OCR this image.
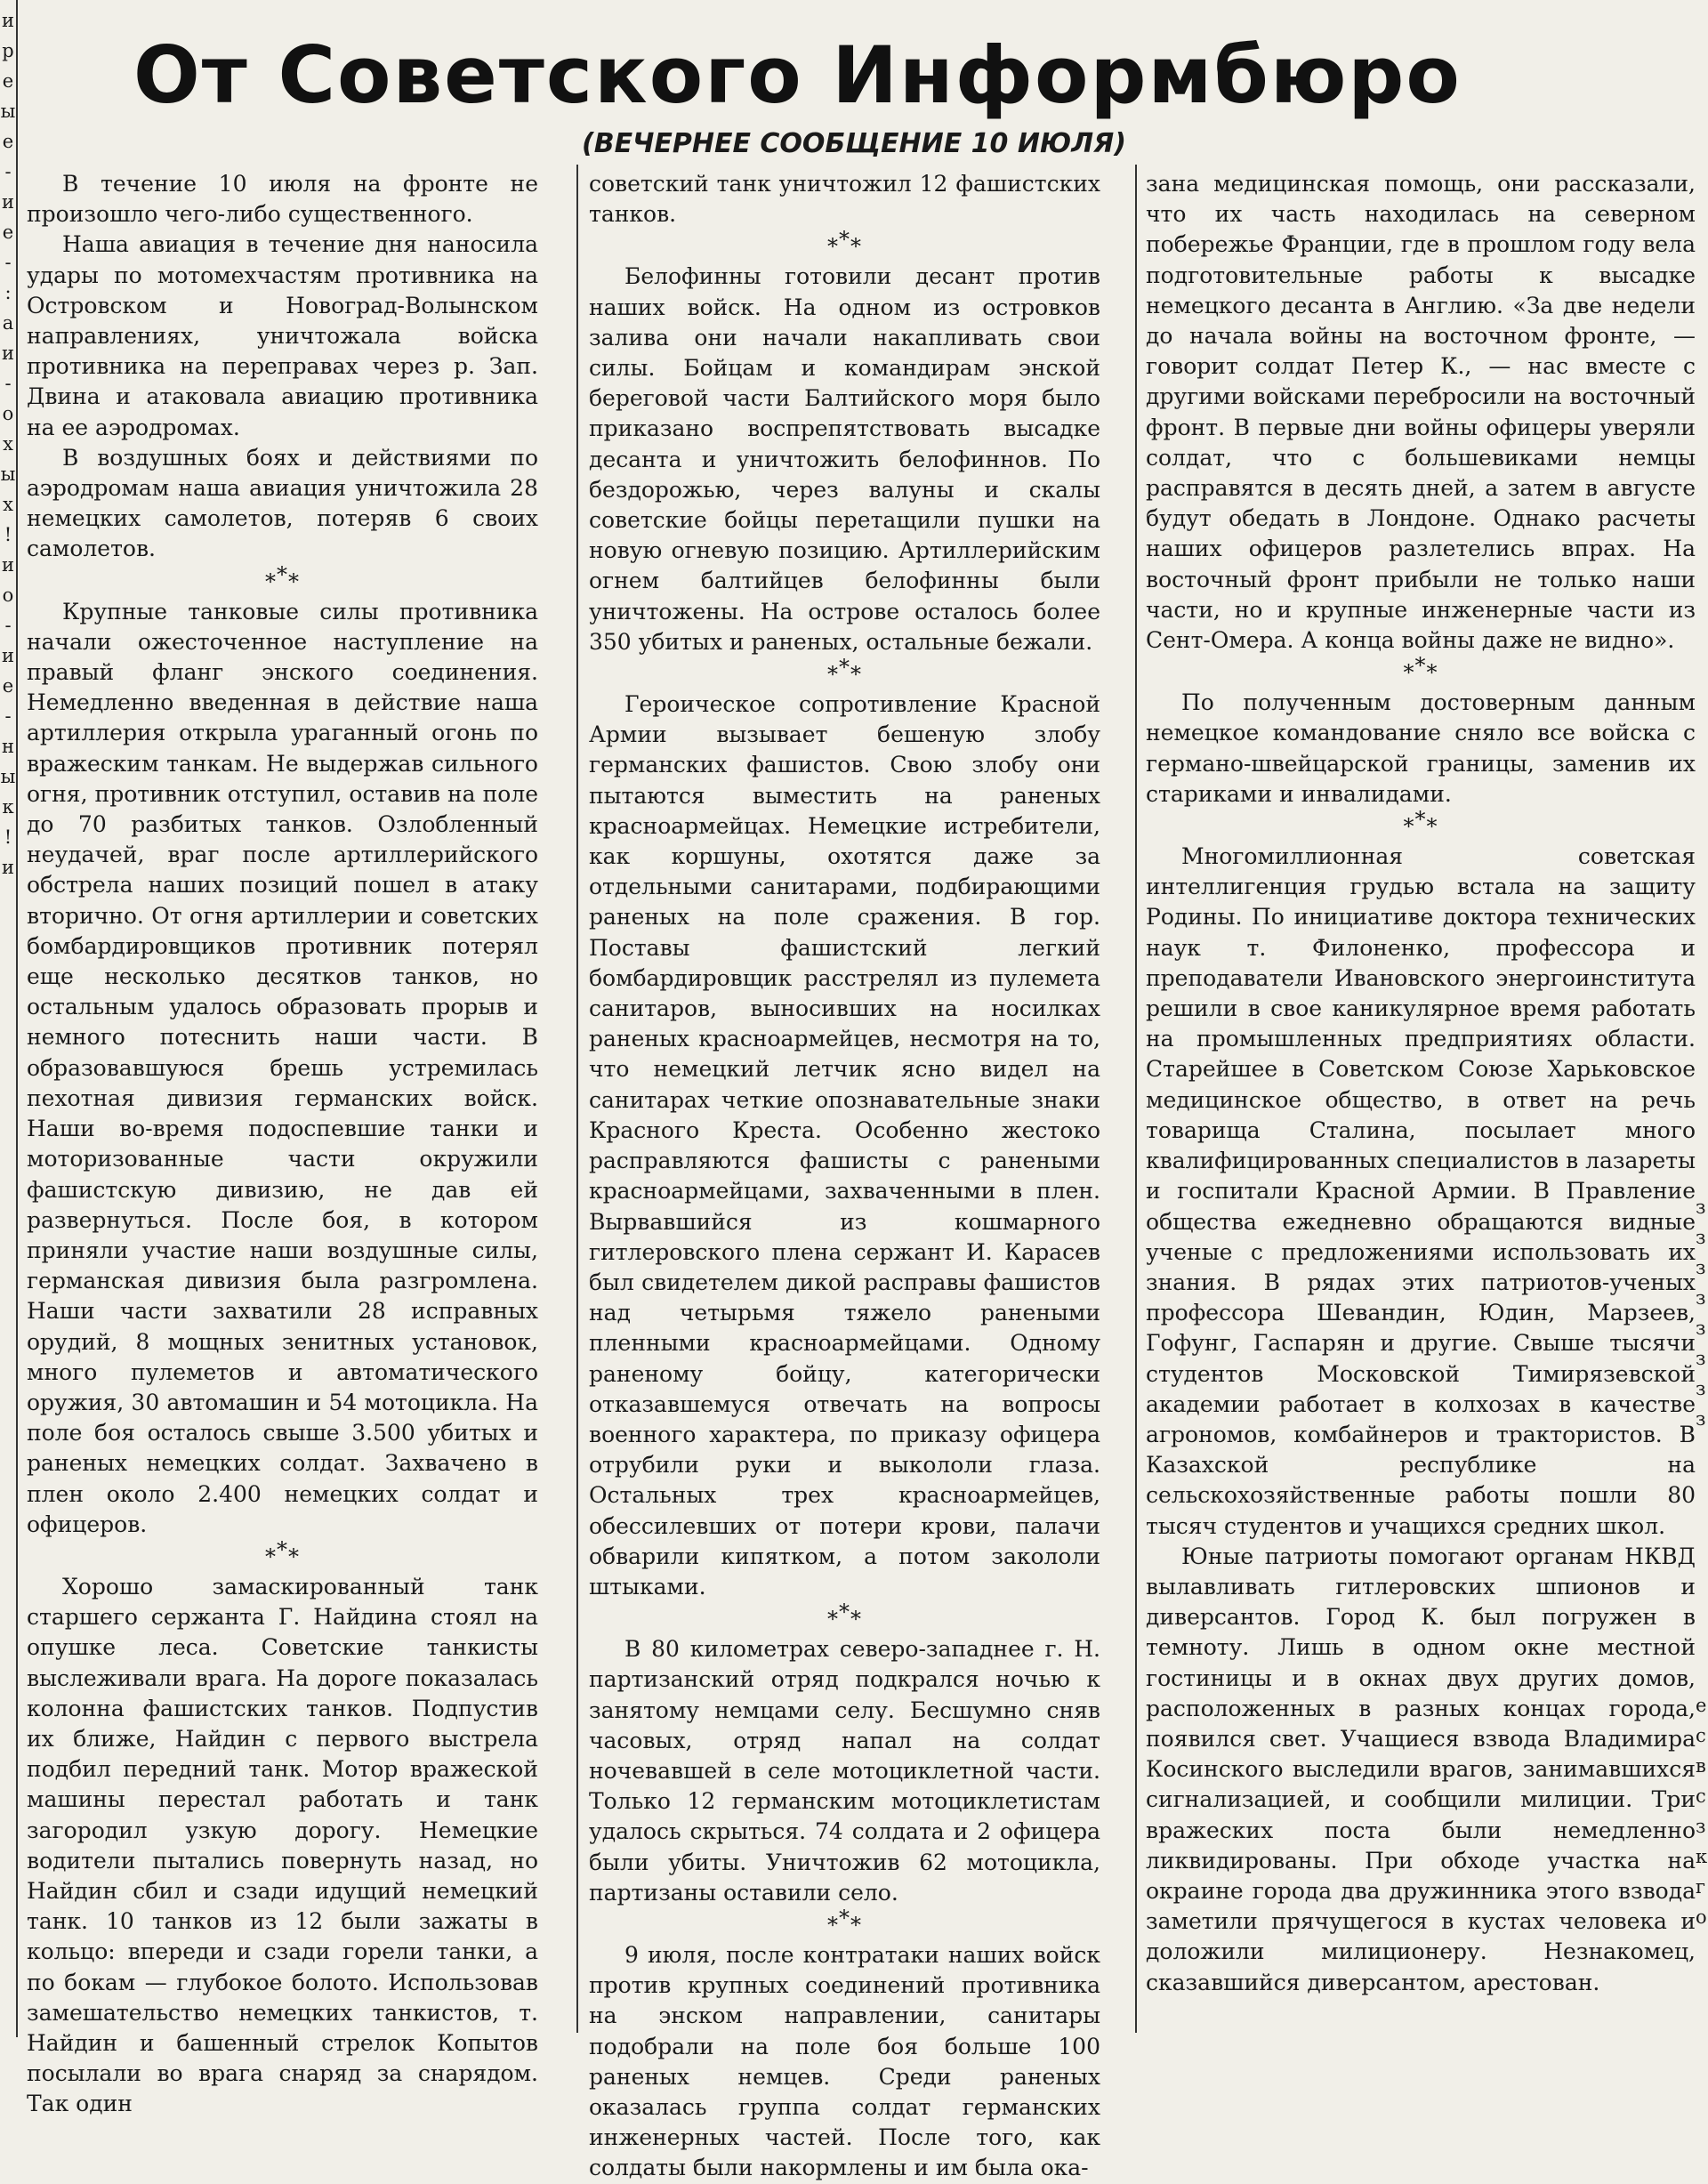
и
р
е
ы
е
-
и
е
-
:
а
и
-
о
х
ы
х
!
и
о
-
и
е
-
н
ы
к
!
и
з
з
з
з
з
з
з
з
е
с
в
с
з
к
г
о
От Советского Информбюро
(ВЕЧЕРНЕЕ СООБЩЕНИЕ 10 ИЮЛЯ)

В течение 10 июля на фронте не произошло чего-либо существенного.

Наша авиация в течение дня наносила удары по мотомехчастям противника на Островском и Новоград-Волынском направлениях, уничтожала войска противника на переправах через р. Зап. Двина и атаковала авиацию противника на ее аэродромах.

В воздушных боях и действиями по аэродромам наша авиация уничтожила 28 немецких самолетов, потеряв 6 своих самолетов.

***

Крупные танковые силы противника начали ожесточенное наступление на правый фланг энского соединения. Немедленно введенная в действие наша артиллерия открыла ураганный огонь по вражеским танкам. Не выдержав сильного огня, противник отступил, оставив на поле до 70 разбитых танков. Озлобленный неудачей, враг после артиллерийского обстрела наших позиций пошел в атаку вторично. От огня артиллерии и советских бомбардировщиков противник потерял еще несколько десятков танков, но остальным удалось образовать прорыв и немного потеснить наши части. В образовавшуюся брешь устремилась пехотная дивизия германских войск. Наши во-время подоспевшие танки и моторизованные части окружили фашистскую дивизию, не дав ей развернуться. После боя, в котором приняли участие наши воздушные силы, германская дивизия была разгромлена. Наши части захватили 28 исправных орудий, 8 мощных зенитных установок, много пулеметов и автоматического оружия, 30 автомашин и 54 мотоцикла. На поле боя осталось свыше 3.500 убитых и раненых немецких солдат. Захвачено в плен около 2.400 немецких солдат и офицеров.

***

Хорошо замаскированный танк старшего сержанта Г. Найдина стоял на опушке леса. Советские танкисты выслеживали врага. На дороге показалась колонна фашистских танков. Подпустив их ближе, Найдин с первого выстрела подбил передний танк. Мотор вражеской машины перестал работать и танк загородил узкую дорогу. Немецкие водители пытались повернуть назад, но Найдин сбил и сзади идущий немецкий танк. 10 танков из 12 были зажаты в кольцо: впереди и сзади горели танки, а по бокам — глубокое болото. Использовав замешательство немецких танкистов, т. Найдин и башенный стрелок Копытов посылали во врага снаряд за снарядом. Так один

советский танк уничтожил 12 фашистских танков.

***

Белофинны готовили десант против наших войск. На одном из островков залива они начали накапливать свои силы. Бойцам и командирам энской береговой части Балтийского моря было приказано воспрепятствовать высадке десанта и уничтожить белофиннов. По бездорожью, через валуны и скалы советские бойцы перетащили пушки на новую огневую позицию. Артиллерийским огнем балтийцев белофинны были уничтожены. На острове осталось более 350 убитых и раненых, остальные бежали.

***

Героическое сопротивление Красной Армии вызывает бешеную злобу германских фашистов. Свою злобу они пытаются выместить на раненых красноармейцах. Немецкие истребители, как коршуны, охотятся даже за отдельными санитарами, подбирающими раненых на поле сражения. В гор. Поставы фашистский легкий бомбардировщик расстрелял из пулемета санитаров, выносивших на носилках раненых красноармейцев, несмотря на то, что немецкий летчик ясно видел на санитарах четкие опознавательные знаки Красного Креста. Особенно жестоко расправляются фашисты с ранеными красноармейцами, захваченными в плен. Вырвавшийся из кошмарного гитлеровского плена сержант И. Карасев был свидетелем дикой расправы фашистов над четырьмя тяжело ранеными пленными красноармейцами. Одному раненому бойцу, категорически отказавшемуся отвечать на вопросы военного характера, по приказу офицера отрубили руки и выкололи глаза. Остальных трех красноармейцев, обессилевших от потери крови, палачи обварили кипятком, а потом закололи штыками.

***

В 80 километрах северо-западнее г. Н. партизанский отряд подкрался ночью к занятому немцами селу. Бесшумно сняв часовых, отряд напал на солдат ночевавшей в селе мотоциклетной части. Только 12 германским мотоциклетистам удалось скрыться. 74 солдата и 2 офицера были убиты. Уничтожив 62 мотоцикла, партизаны оставили село.

***

9 июля, после контратаки наших войск против крупных соединений противника на энском направлении, санитары подобрали на поле боя больше 100 раненых немцев. Среди раненых оказалась группа солдат германских инженерных частей. После того, как солдаты были накормлены и им была ока-

зана медицинская помощь, они рассказали, что их часть находилась на северном побережье Франции, где в прошлом году вела подготовительные работы к высадке немецкого десанта в Англию. «За две недели до начала войны на восточном фронте, — говорит солдат Петер К., — нас вместе с другими войсками перебросили на восточный фронт. В первые дни войны офицеры уверяли солдат, что с большевиками немцы расправятся в десять дней, а затем в августе будут обедать в Лондоне. Однако расчеты наших офицеров разлетелись впрах. На восточный фронт прибыли не только наши части, но и крупные инженерные части из Сент-Омера. А конца войны даже не видно».

***

По полученным достоверным данным немецкое командование сняло все войска с германо-швейцарской границы, заменив их стариками и инвалидами.

***

Многомиллионная советская интеллигенция грудью встала на защиту Родины. По инициативе доктора технических наук т. Филоненко, профессора и преподаватели Ивановского энергоинститута решили в свое каникулярное время работать на промышленных предприятиях области. Старейшее в Советском Союзе Харьковское медицинское общество, в ответ на речь товарища Сталина, посылает много квалифицированных специалистов в лазареты и госпитали Красной Армии. В Правление общества ежедневно обращаются видные ученые с предложениями использовать их знания. В рядах этих патриотов-ученых профессора Шевандин, Юдин, Марзеев, Гофунг, Гаспарян и другие. Свыше тысячи студентов Московской Тимирязевской академии работает в колхозах в качестве агрономов, комбайнеров и трактористов. В Казахской республике на сельскохозяйственные работы пошли 80 тысяч студентов и учащихся средних школ.

Юные патриоты помогают органам НКВД вылавливать гитлеровских шпионов и диверсантов. Город К. был погружен в темноту. Лишь в одном окне местной гостиницы и в окнах двух других домов, расположенных в разных концах города, появился свет. Учащиеся взвода Владимира Косинского выследили врагов, занимавшихся сигнализацией, и сообщили милиции. Три вражеских поста были немедленно ликвидированы. При обходе участка на окраине города два дружинника этого взвода заметили прячущегося в кустах человека и доложили милиционеру. Незнакомец, сказавшийся диверсантом, арестован.
